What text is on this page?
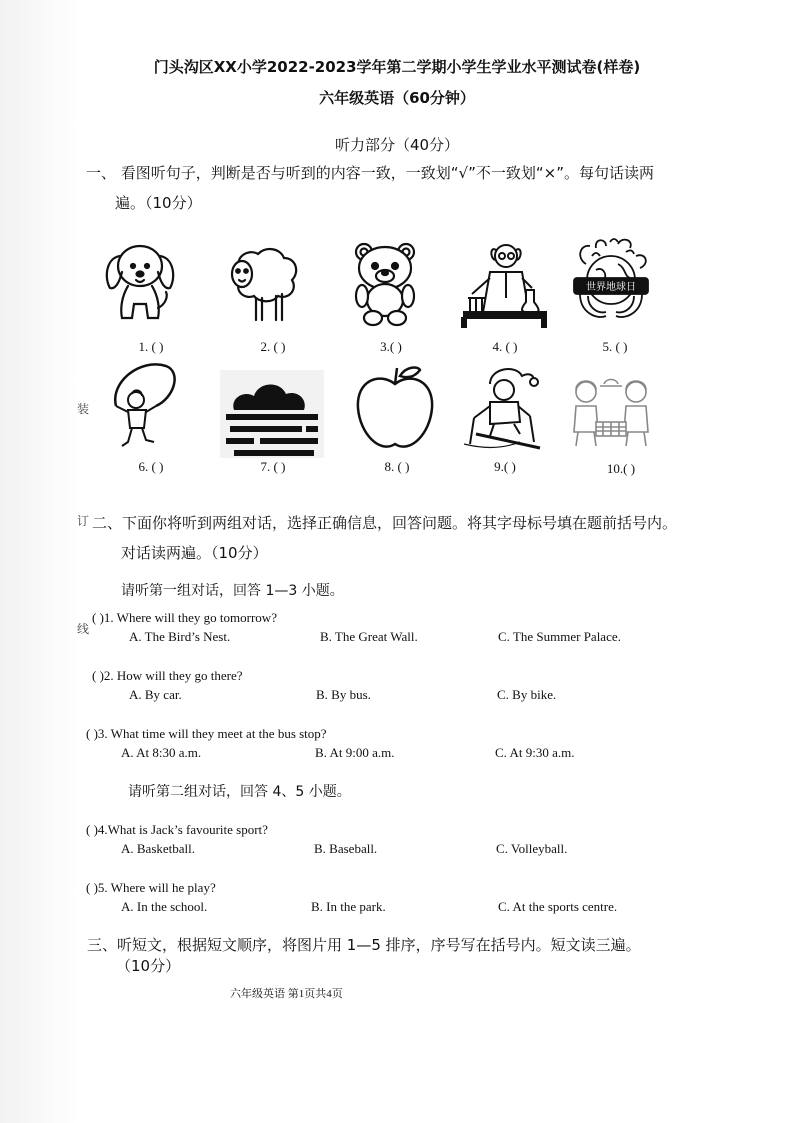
装
订
线
门头沟区XX小学2022-2023学年第二学期小学生学业水平测试卷(样卷)
六年级英语（60分钟）
听力部分（40分）
一、 看图听句子，判断是否与听到的内容一致，一致划“√”不一致划“×”。每句话读两
遍。（10分）
世界地球日
1. ( )	2. ( )	3.( )	4. ( )	5. ( )
6. ( )	7. ( )	8. ( )	9.( )	10.( )
二、下面你将听到两组对话，选择正确信息，回答问题。将其字母标号填在题前括号内。
对话读两遍。（10分）
请听第一组对话，回答 1—3 小题。
( )1. Where will they go tomorrow?
A. The Bird’s Nest.	B. The Great Wall.	C. The Summer Palace.
( )2. How will they go there?
A. By car.	B. By bus.	C. By bike.
( )3. What time will they meet at the bus stop?
A. At 8:30 a.m.	B. At 9:00 a.m.	C. At 9:30 a.m.
请听第二组对话，回答 4、5 小题。
( )4.What is Jack’s favourite sport?
A. Basketball.	B. Baseball.	C. Volleyball.
( )5. Where will he play?
A. In the school.	B. In the park.	C. At the sports centre.
三、听短文，根据短文顺序，将图片用 1—5 排序，序号写在括号内。短文读三遍。
（10分）
六年级英语 第1页共4页
